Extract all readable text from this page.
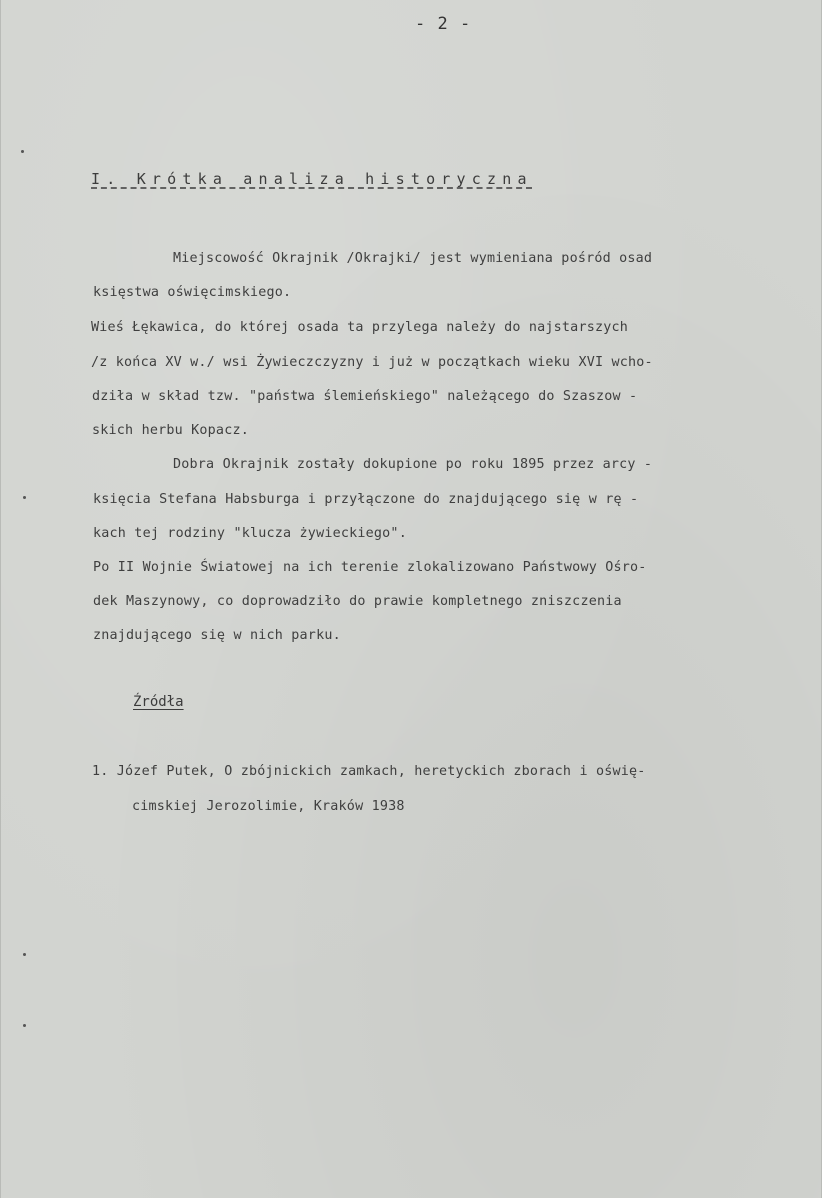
- 2 -
I. Krótka analiza historyczna
Miejscowość Okrajnik /Okrajki/ jest wymieniana pośród osad
księstwa oświęcimskiego.
Wieś Łękawica, do której osada ta przylega należy do najstarszych
/z końca XV w./ wsi Żywieczczyzny i już w początkach wieku XVI wcho-
dziła w skład tzw. "państwa ślemieńskiego" należącego do Szaszow -
skich herbu Kopacz.
Dobra Okrajnik zostały dokupione po roku 1895 przez arcy -
księcia Stefana Habsburga i przyłączone do znajdującego się w rę -
kach tej rodziny "klucza żywieckiego".
Po II Wojnie Światowej na ich terenie zlokalizowano Państwowy Ośro-
dek Maszynowy, co doprowadziło do prawie kompletnego zniszczenia
znajdującego się w nich parku.
Źródła
1. Józef Putek, O zbójnickich zamkach, heretyckich zborach i oświę-
cimskiej Jerozolimie, Kraków 1938
